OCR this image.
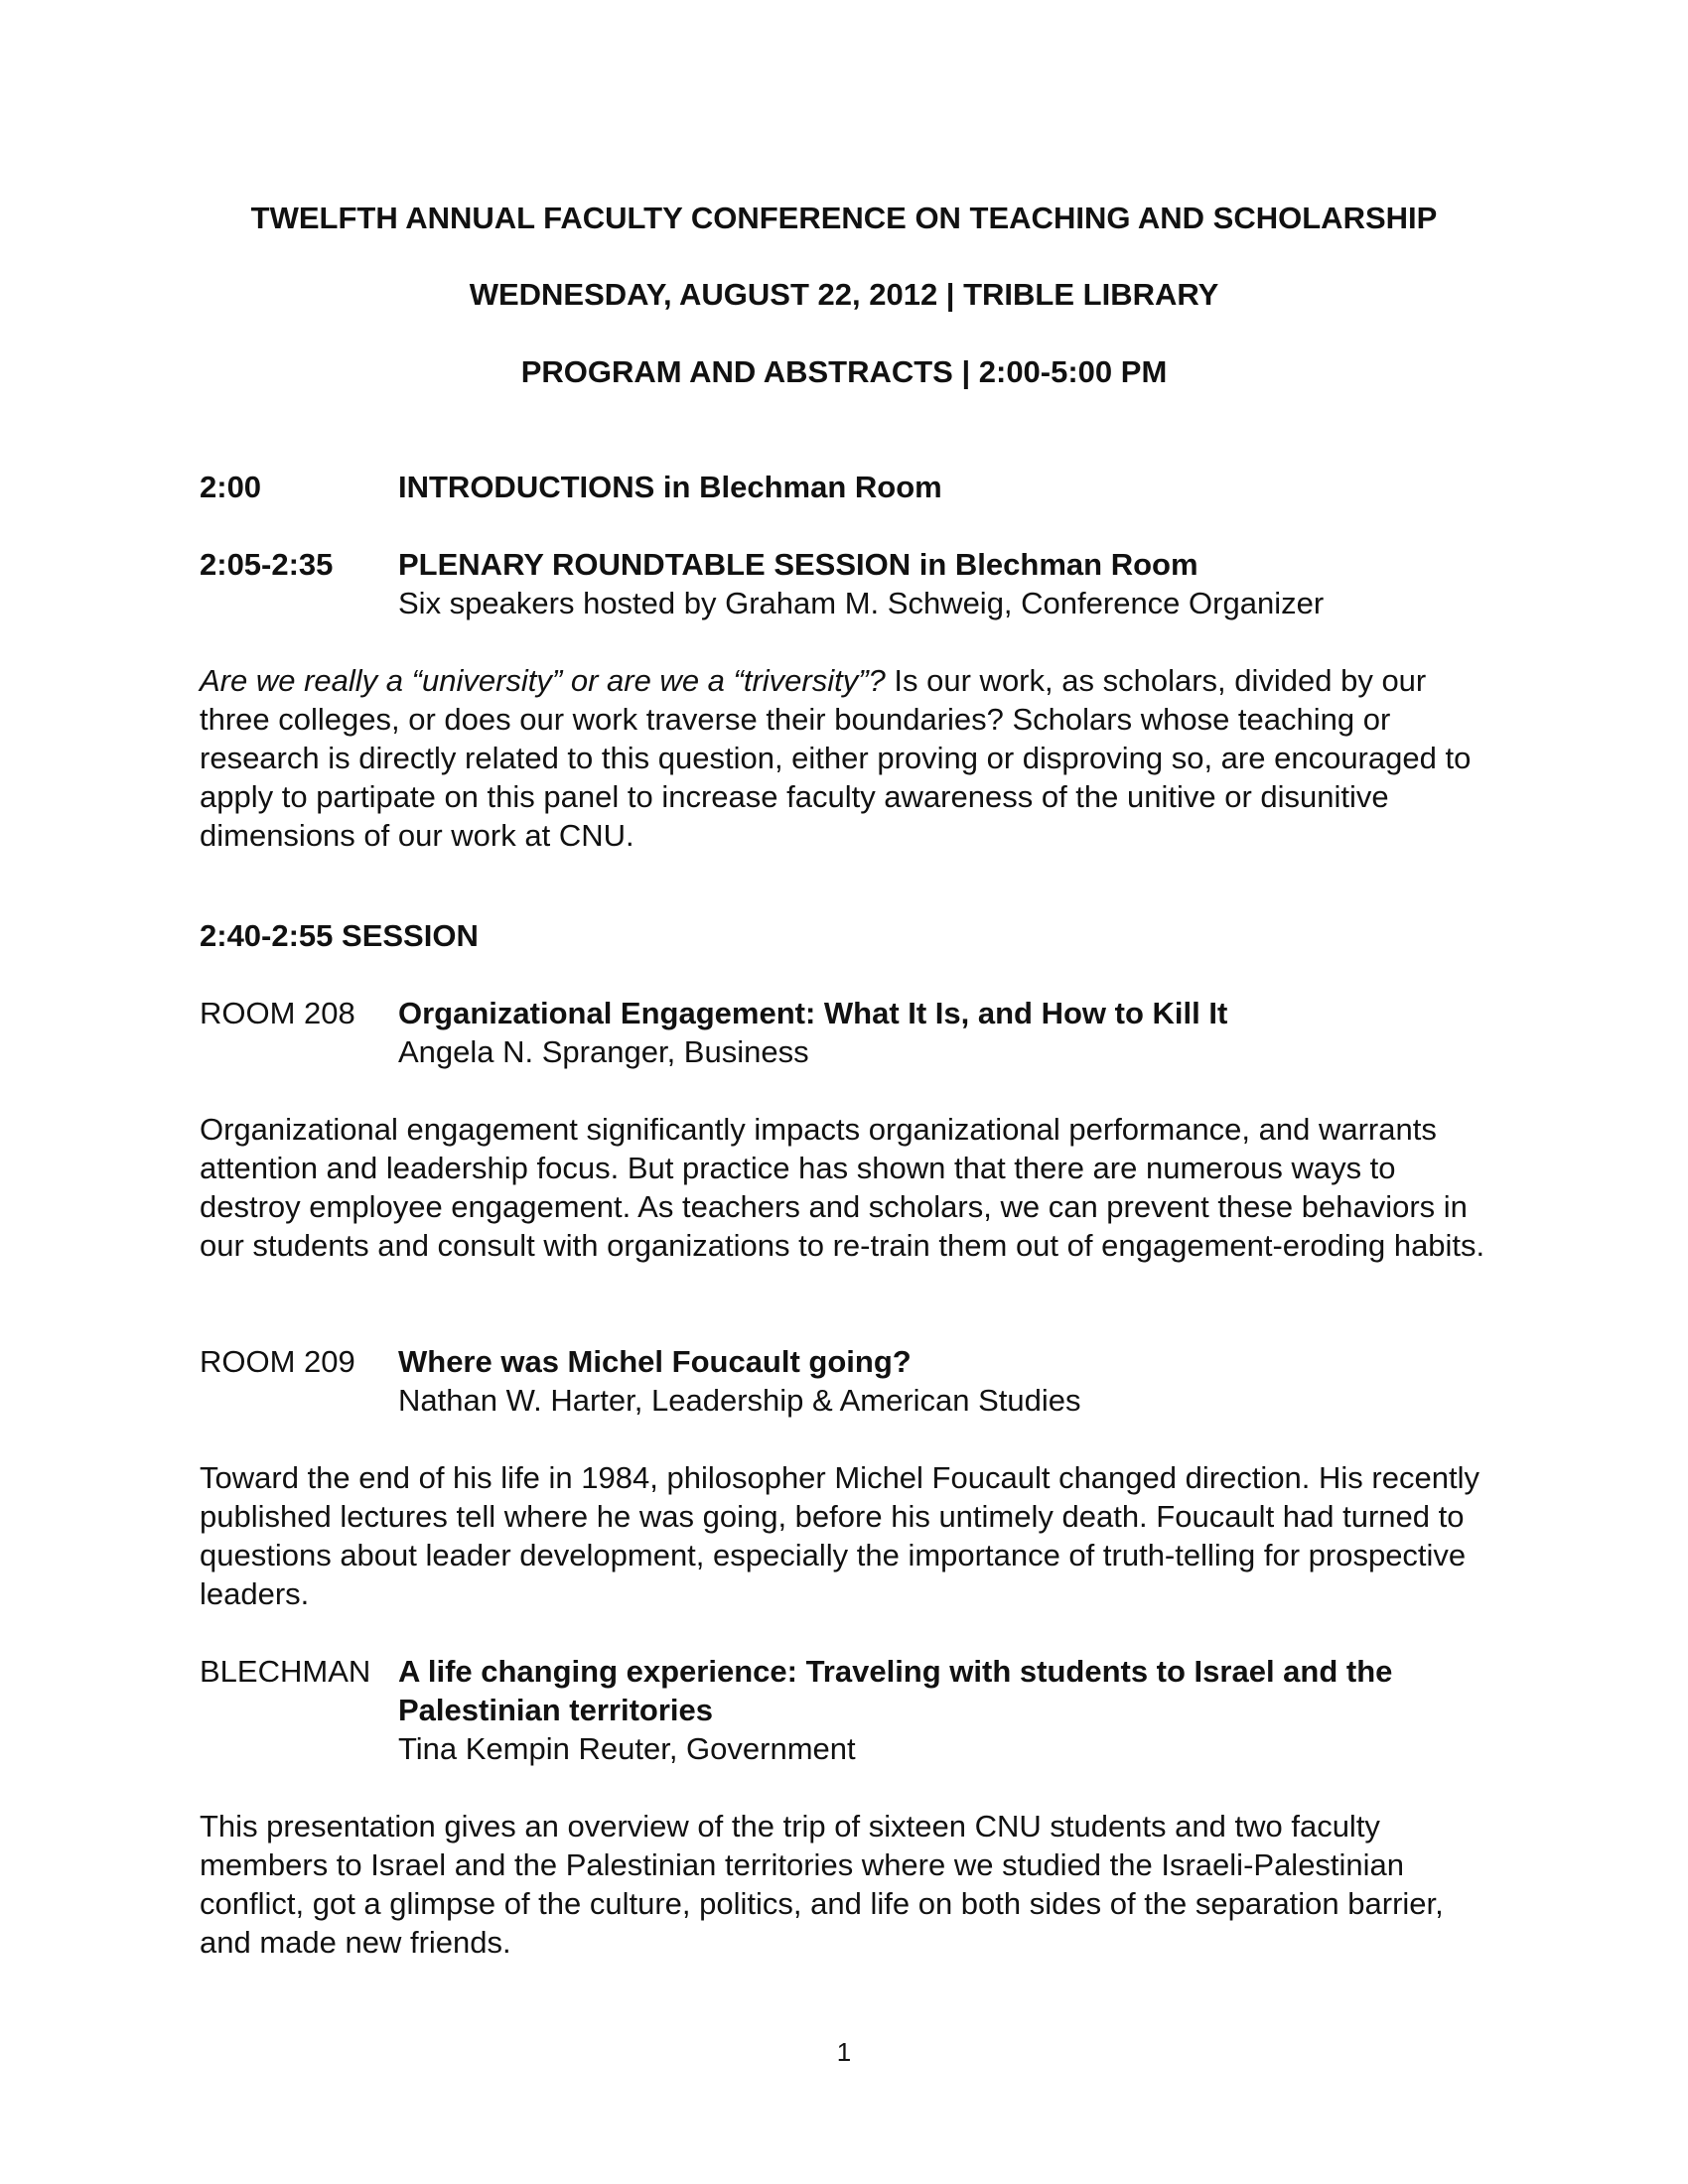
TWELFTH ANNUAL FACULTY CONFERENCE ON TEACHING AND SCHOLARSHIP
WEDNESDAY, AUGUST 22, 2012 | TRIBLE LIBRARY
PROGRAM AND ABSTRACTS | 2:00-5:00 PM
2:00	INTRODUCTIONS in Blechman Room
2:05-2:35 PLENARY ROUNDTABLE SESSION in Blechman Room
Six speakers hosted by Graham M. Schweig, Conference Organizer
Are we really a “university” or are we a “triversity”? Is our work, as scholars, divided by our three colleges, or does our work traverse their boundaries? Scholars whose teaching or research is directly related to this question, either proving or disproving so, are encouraged to apply to partipate on this panel to increase faculty awareness of the unitive or disunitive dimensions of our work at CNU.
2:40-2:55 SESSION
ROOM 208 Organizational Engagement: What It Is, and How to Kill It
Angela N. Spranger, Business
Organizational engagement significantly impacts organizational performance, and warrants attention and leadership focus. But practice has shown that there are numerous ways to destroy employee engagement. As teachers and scholars, we can prevent these behaviors in our students and consult with organizations to re-train them out of engagement-eroding habits.
ROOM 209 Where was Michel Foucault going?
Nathan W. Harter, Leadership & American Studies
Toward the end of his life in 1984, philosopher Michel Foucault changed direction. His recently published lectures tell where he was going, before his untimely death. Foucault had turned to questions about leader development, especially the importance of truth-telling for prospective leaders.
BLECHMAN A life changing experience: Traveling with students to Israel and the Palestinian territories
Tina Kempin Reuter, Government
This presentation gives an overview of the trip of sixteen CNU students and two faculty members to Israel and the Palestinian territories where we studied the Israeli-Palestinian conflict, got a glimpse of the culture, politics, and life on both sides of the separation barrier, and made new friends.
1
